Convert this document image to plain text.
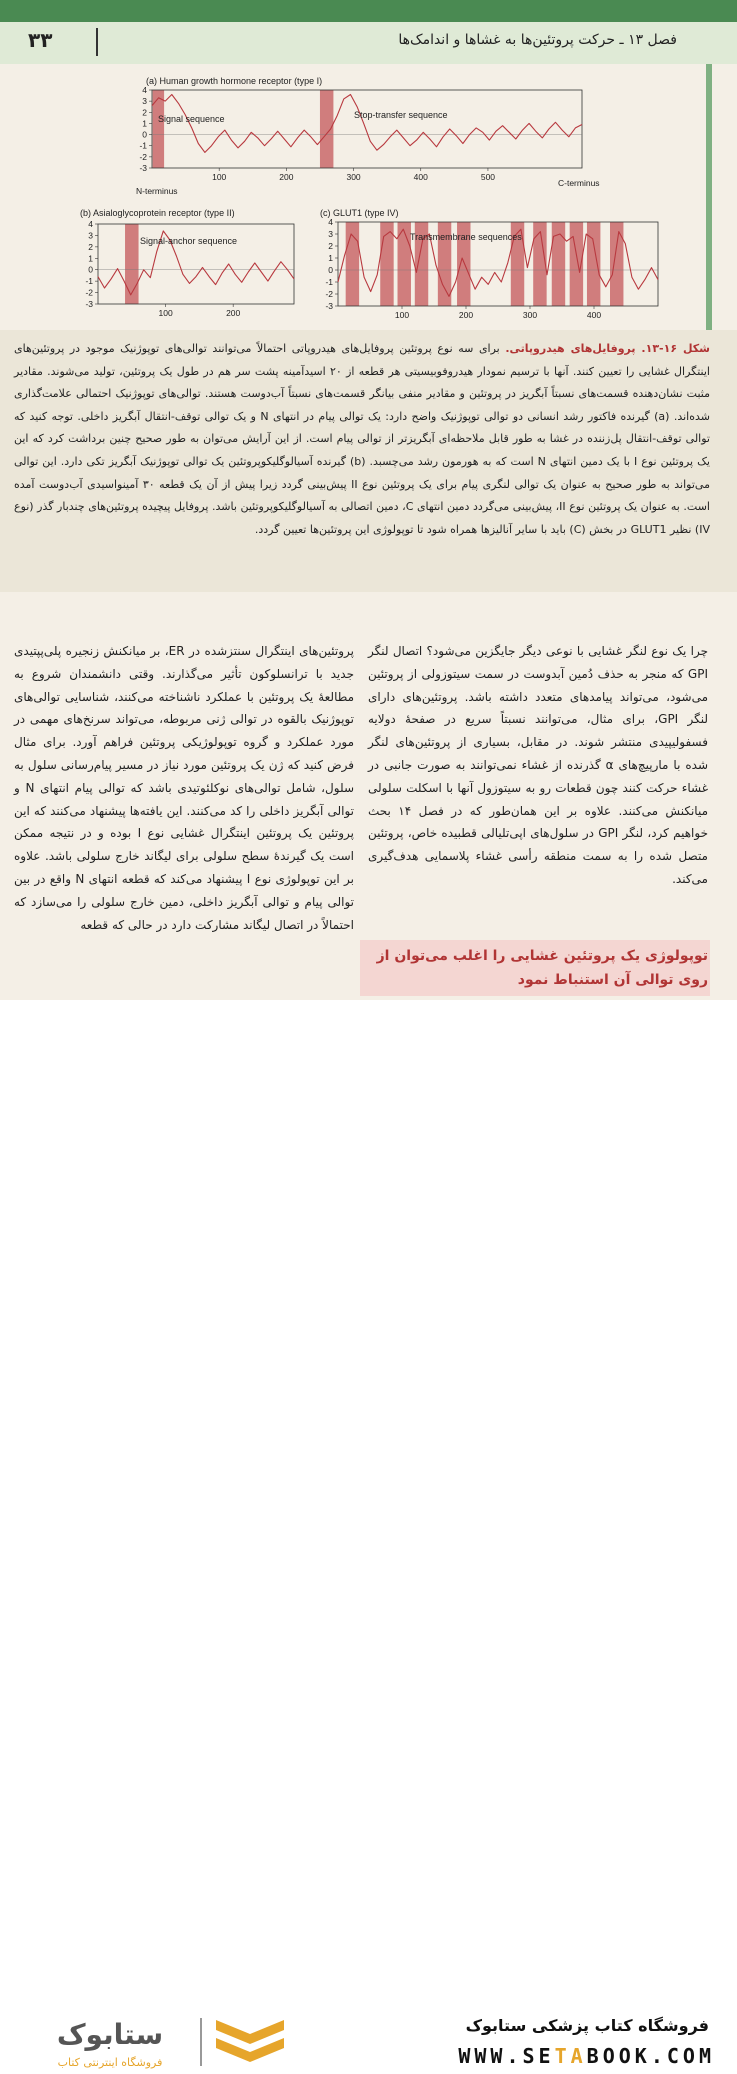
۳۳	فصل ۱۳ ـ حرکت پروتئین‌ها به غشاها و اندامک‌ها
(a) Human growth hormone receptor (type I)
4
3
2
1
0
-1
-2
-3
100	200	300	400	500
Signal sequence	Stop-transfer sequence
N-terminus
C-terminus
(b) Asialoglycoprotein receptor (type II)
4
3
2
1
0
-1
-2
-3
100	200
Signal-anchor sequence
(c) GLUT1 (type IV)
4
3
2
1
0
-1
-2
-3
100	200	300	400
Transmembrane sequences
شکل ۱۶-۱۳. پروفایل‌های هیدروپاتی. برای سه نوع پروتئین پروفایل‌های هیدروپاتی احتمالاً می‌توانند توالی‌های توپوژنیک موجود در پروتئین‌های اینتگرال غشایی را تعیین کنند. آنها با ترسیم نمودار هیدروفوبیسیتی هر قطعه از ۲۰ اسیدآمینه پشت سر هم در طول یک پروتئین، تولید می‌شوند. مقادیر مثبت نشان‌دهنده قسمت‌های نسبتاً آبگریز در پروتئین و مقادیر منفی بیانگر قسمت‌های نسبتاً آب‌دوست هستند. توالی‌های توپوژنیک احتمالی علامت‌گذاری شده‌اند. (a) گیرنده فاکتور رشد انسانی دو توالی توپوژنیک واضح دارد: یک توالی پیام در انتهای N و یک توالی توقف-انتقال آبگریز داخلی. توجه کنید که توالی توقف-انتقال پل‌زننده در غشا به طور قابل ملاحظه‌ای آبگریزتر از توالی پیام است. از این آرایش می‌توان به طور صحیح چنین برداشت کرد که این یک پروتئین نوع I با یک دمین انتهای N است که به هورمون رشد می‌چسبد. (b) گیرنده آسیالوگلیکوپروتئین یک توالی توپوژنیک آبگریز تکی دارد. این توالی می‌تواند به طور صحیح به عنوان یک توالی لنگری پیام برای یک پروتئین نوع II پیش‌بینی گردد زیرا پیش از آن یک قطعه ۳۰ آمینواسیدی آب‌دوست آمده است. به عنوان یک پروتئین نوع II، پیش‌بینی می‌گردد دمین انتهای C، دمین اتصالی به آسیالوگلیکوپروتئین باشد. پروفایل پیچیده پروتئین‌های چندبار گذر (نوع IV) نظیر GLUT1 در بخش (C) باید با سایر آنالیزها همراه شود تا توپولوژی این پروتئین‌ها تعیین گردد.
چرا یک نوع لنگر غشایی با نوعی دیگر جایگزین می‌شود؟ اتصال لنگر GPI که منجر به حذف دُمین آبدوست در سمت سیتوزولی از پروتئین می‌شود، می‌تواند پیامدهای متعدد داشته باشد. پروتئین‌های دارای لنگر GPI، برای مثال، می‌توانند نسبتاً سریع در صفحهٔ دولایه فسفولیپیدی منتشر شوند. در مقابل، بسیاری از پروتئین‌های لنگر شده با مارپیچ‌های α گذرنده از غشاء نمی‌توانند به صورت جانبی در غشاء حرکت کنند چون قطعات رو به سیتوزول آنها با اسکلت سلولی میانکنش می‌کنند. علاوه بر این همان‌طور که در فصل ۱۴ بحث خواهیم کرد، لنگر GPI در سلول‌های اپی‌تلیالی قطبیده خاص، پروتئین متصل شده را به سمت منطقه رأسی غشاء پلاسمایی هدف‌گیری می‌کند.
پروتئین‌های اینتگرال سنتزشده در ER، بر میانکنش زنجیره پلی‌پپتیدی جدید با ترانسلوکون تأثیر می‌گذارند. وقتی دانشمندان شروع به مطالعهٔ یک پروتئین با عملکرد ناشناخته می‌کنند، شناسایی توالی‌های توپوژنیک بالقوه در توالی ژنی مربوطه، می‌تواند سرنخ‌های مهمی در مورد عملکرد و گروه توپولوژیکی پروتئین فراهم آورد. برای مثال فرض کنید که ژن یک پروتئین مورد نیاز در مسیر پیام‌رسانی سلول به سلول، شامل توالی‌های نوکلئوتیدی باشد که توالی پیام انتهای N و توالی آبگریز داخلی را کد می‌کنند. این یافته‌ها پیشنهاد می‌کنند که این پروتئین یک پروتئین اینتگرال غشایی نوع I بوده و در نتیجه ممکن است یک گیرندهٔ سطح سلولی برای لیگاند خارج سلولی باشد. علاوه بر این توپولوژی نوع I پیشنهاد می‌کند که قطعه انتهای N واقع در بین توالی پیام و توالی آبگریز داخلی، دمین خارج سلولی را می‌سازد که احتمالاً در اتصال لیگاند مشارکت دارد در حالی که قطعه
توپولوژی یک پروتئین غشایی را اغلب می‌توان از روی توالی آن استنباط نمود
ستابوک
فروشگاه اینترنتی کتاب
فروشگاه کتاب پزشکی ستابوک
WWW.SETABOOK.COM
